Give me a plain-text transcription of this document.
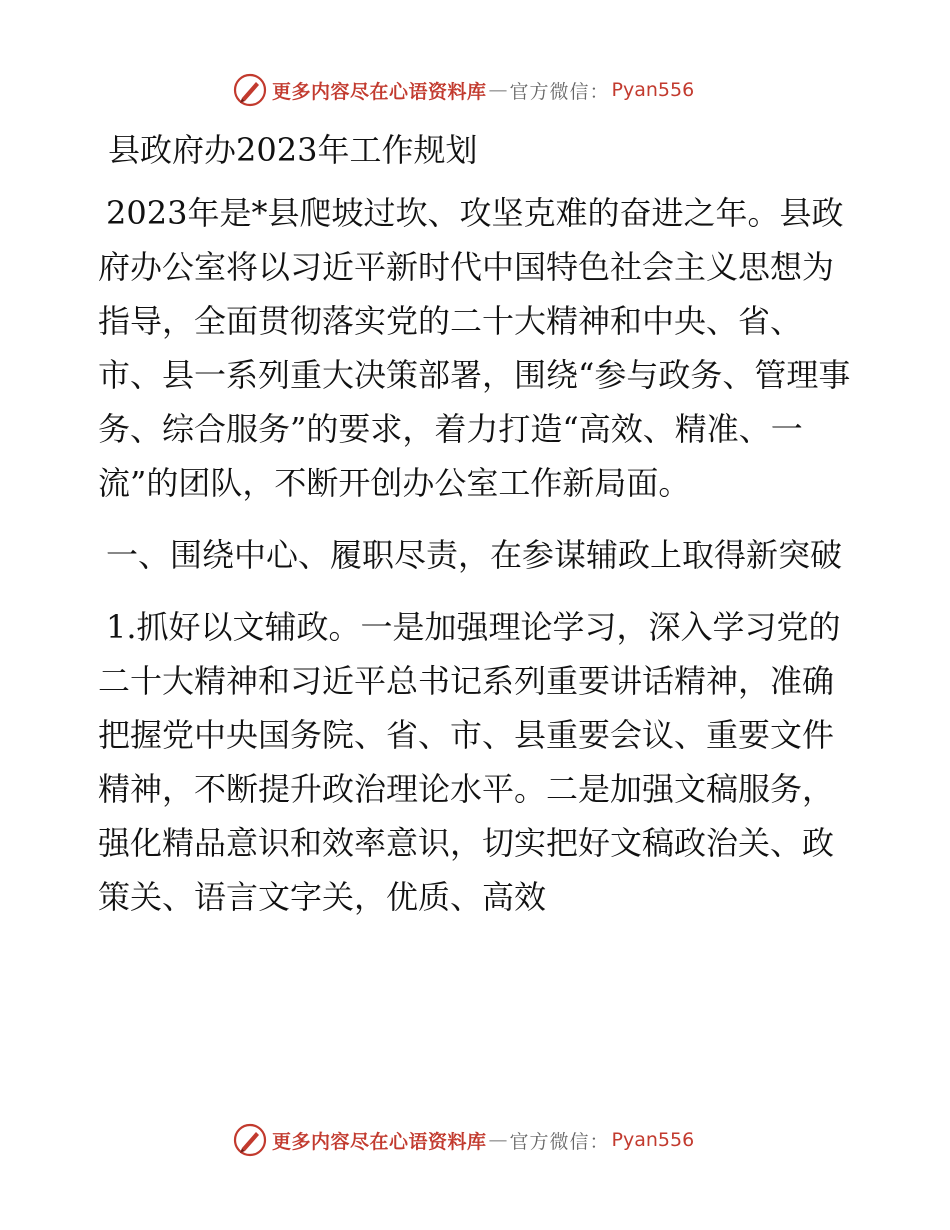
更多内容尽在心语资料库 — 官方微信： Pyan556
县政府办2023年工作规划

2023年是*县爬坡过坎、攻坚克难的奋进之年。县政府办公室将以习近平新时代中国特色社会主义思想为指导，全面贯彻落实党的二十大精神和中央、省、市、县一系列重大决策部署，围绕“参与政务、管理事务、综合服务”的要求，着力打造“高效、精准、一流”的团队，不断开创办公室工作新局面。

一、围绕中心、履职尽责，在参谋辅政上取得新突破

1.抓好以文辅政。一是加强理论学习，深入学习党的二十大精神和习近平总书记系列重要讲话精神，准确把握党中央国务院、省、市、县重要会议、重要文件精神，不断提升政治理论水平。二是加强文稿服务，强化精品意识和效率意识，切实把好文稿政治关、政策关、语言文字关，优质、高效

更多内容尽在心语资料库 — 官方微信： Pyan556
